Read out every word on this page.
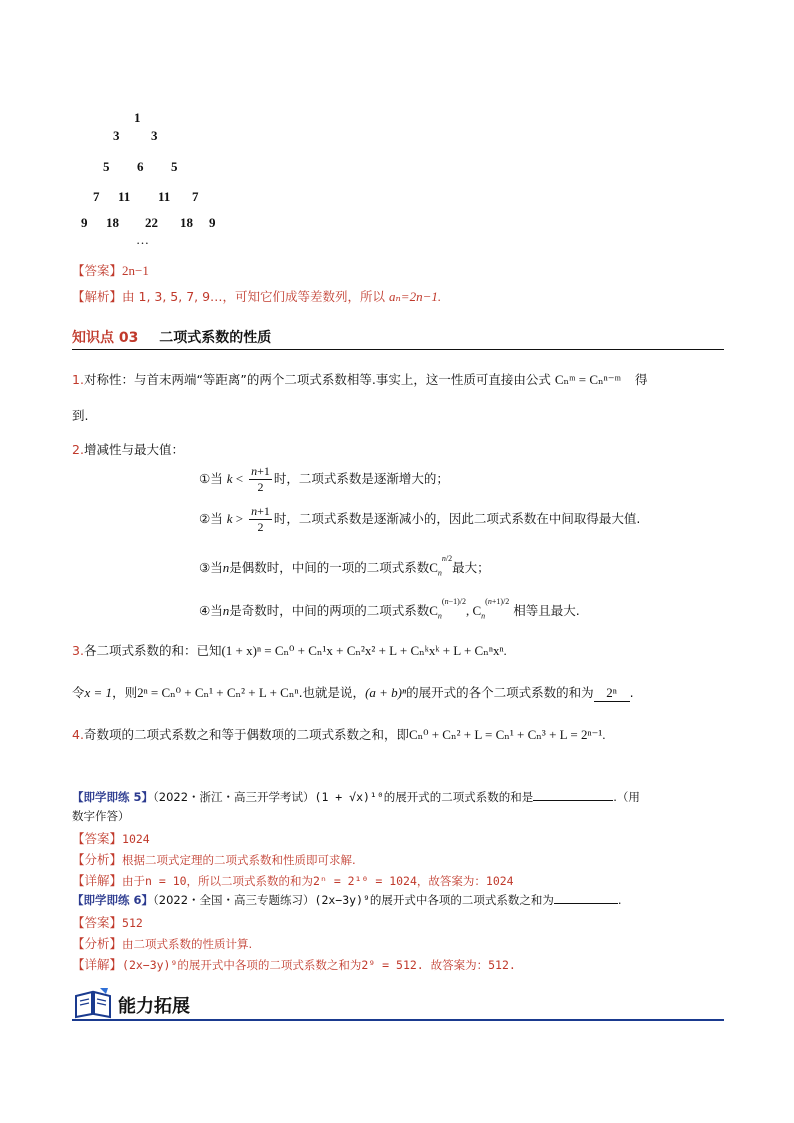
1
3 3
5 6 5
7 11 11 7
9 18 22 18 9
…
【答案】2n−1
【解析】由 1, 3, 5, 7, 9…，可知它们成等差数列，所以 aₙ=2n−1.
知识点 03 二项式系数的性质
1.对称性：与首末两端“等距离”的两个二项式系数相等.事实上，这一性质可直接由公式 Cₙᵐ = Cₙⁿ⁻ᵐ 得
到.
2.增减性与最大值：
①当 $k < \frac{n+1}{2}$ 时，二项式系数是逐渐增大的；
②当 $k > \frac{n+1}{2}$ 时，二项式系数是逐渐减小的，因此二项式系数在中间取得最大值.
③当n是偶数时，中间的一项的二项式系数$C_n^{n/2}$最大；
④当n是奇数时，中间的两项的二项式系数$C_n^{(n-1)/2}$, $C_n^{(n+1)/2}$ 相等且最大.
3.各二项式系数的和：已知(1 + x)ⁿ = Cₙ⁰ + Cₙ¹x + Cₙ²x² + L + Cₙᵏxᵏ + L + Cₙⁿxⁿ.
令x = 1，则2ⁿ = Cₙ⁰ + Cₙ¹ + Cₙ² + L + Cₙⁿ.也就是说，(a + b)ⁿ的展开式的各个二项式系数的和为 2ⁿ .
4.奇数项的二项式系数之和等于偶数项的二项式系数之和，即Cₙ⁰ + Cₙ² + L = Cₙ¹ + Cₙ³ + L = 2ⁿ⁻¹.
【即学即练 5】（2022・浙江・高三开学考试）(1 + √x)¹⁰的展开式的二项式系数的和是	.（用
数字作答）
【答案】1024
【分析】根据二项式定理的二项式系数和性质即可求解.
【详解】由于n = 10，所以二项式系数的和为2ⁿ = 2¹⁰ = 1024，故答案为：1024
【即学即练 6】（2022・全国・高三专题练习）(2x−3y)⁹的展开式中各项的二项式系数之和为	.
【答案】512
【分析】由二项式系数的性质计算.
【详解】(2x−3y)⁹的展开式中各项的二项式系数之和为2⁹ = 512. 故答案为：512.
能力拓展
